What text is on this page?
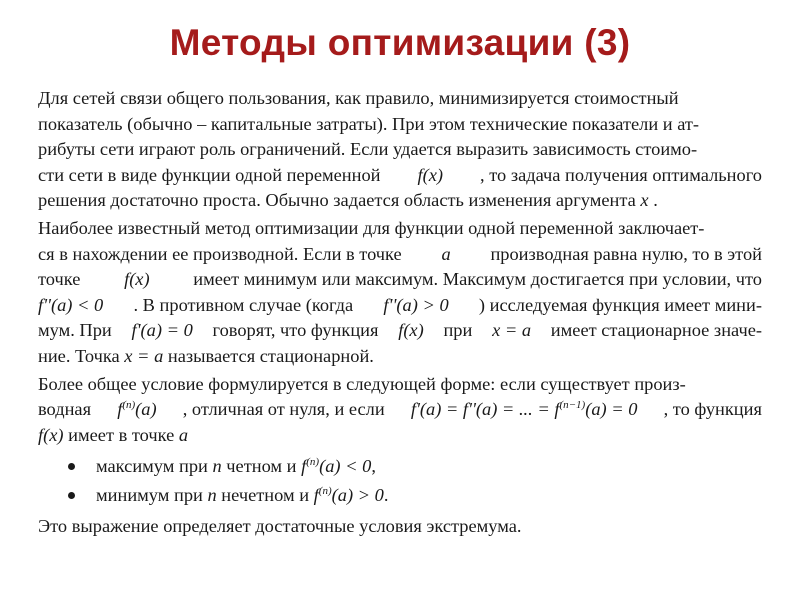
Методы оптимизации (3)
Для сетей связи общего пользования, как правило, минимизируется стоимостный
показатель (обычно – капитальные затраты). При этом технические показатели и ат-
рибуты сети играют роль ограничений. Если удается выразить зависимость стоимо-
сти сети в виде функции одной переменной f(x) , то задача получения оптимального
решения достаточно проста. Обычно задается область изменения аргумента x .
Наиболее известный метод оптимизации для функции одной переменной заключает-
ся в нахождении ее производной. Если в точке a производная равна нулю, то в этой
точке f(x) имеет минимум или максимум. Максимум достигается при условии, что
f''(a) < 0 . В противном случае (когда f''(a) > 0 ) исследуемая функция имеет мини-
мум. При f'(a) = 0 говорят, что функция f(x) при x = a имеет стационарное значе-
ние. Точка x = a называется стационарной.
Более общее условие формулируется в следующей форме: если существует произ-
водная $f^{(n)}(a)$ , отличная от нуля, и если f'(a) = f''(a) = ... = $f^{(n-1)}(a) = 0$ , то функция
f(x) имеет в точке a
максимум при n четном и $f^{(n)}(a) < 0$,
минимум при n нечетном и $f^{(n)}(a) > 0$.
Это выражение определяет достаточные условия экстремума.
